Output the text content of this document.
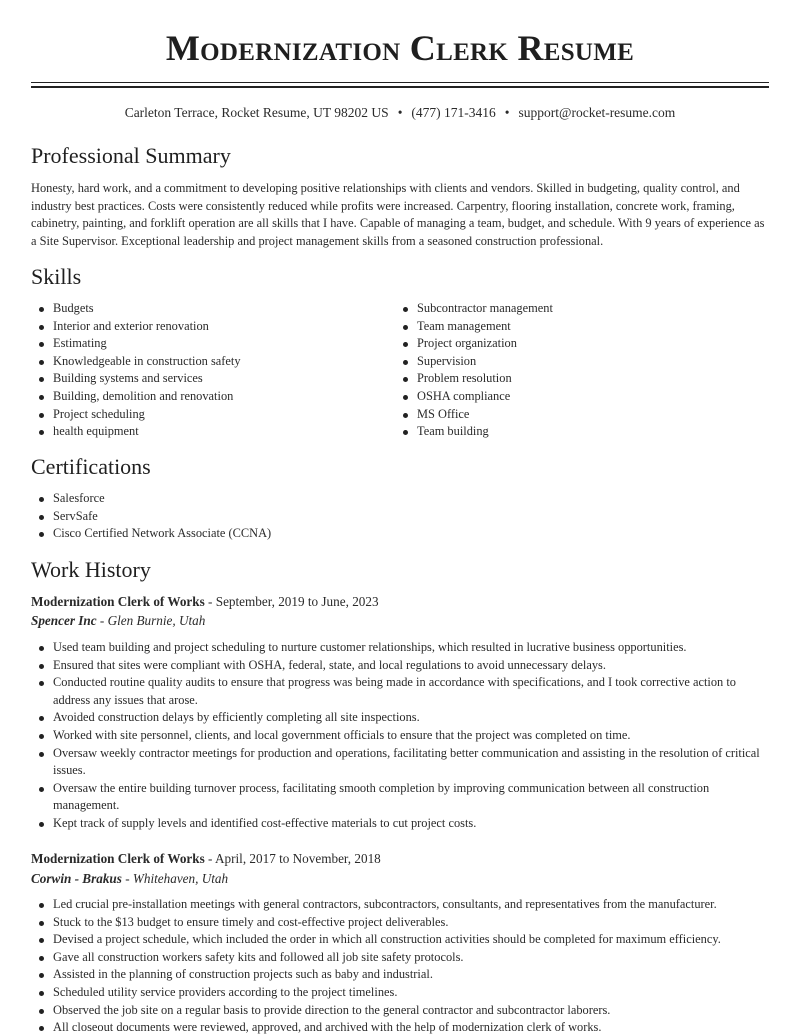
Modernization Clerk Resume
Carleton Terrace, Rocket Resume, UT 98202 US • (477) 171-3416 • support@rocket-resume.com
Professional Summary

Honesty, hard work, and a commitment to developing positive relationships with clients and vendors. Skilled in budgeting, quality control, and industry best practices. Costs were consistently reduced while profits were increased. Carpentry, flooring installation, concrete work, framing, cabinetry, painting, and forklift operation are all skills that I have. Capable of managing a team, budget, and schedule. With 9 years of experience as a Site Supervisor. Exceptional leadership and project management skills from a seasoned construction professional.

Skills
Budgets
Interior and exterior renovation
Estimating
Knowledgeable in construction safety
Building systems and services
Building, demolition and renovation
Project scheduling
health equipment
Subcontractor management
Team management
Project organization
Supervision
Problem resolution
OSHA compliance
MS Office
Team building
Certifications
Salesforce
ServSafe
Cisco Certified Network Associate (CCNA)
Work History
Modernization Clerk of Works - September, 2019 to June, 2023
Spencer Inc - Glen Burnie, Utah
Used team building and project scheduling to nurture customer relationships, which resulted in lucrative business opportunities.
Ensured that sites were compliant with OSHA, federal, state, and local regulations to avoid unnecessary delays.
Conducted routine quality audits to ensure that progress was being made in accordance with specifications, and I took corrective action to address any issues that arose.
Avoided construction delays by efficiently completing all site inspections.
Worked with site personnel, clients, and local government officials to ensure that the project was completed on time.
Oversaw weekly contractor meetings for production and operations, facilitating better communication and assisting in the resolution of critical issues.
Oversaw the entire building turnover process, facilitating smooth completion by improving communication between all construction management.
Kept track of supply levels and identified cost-effective materials to cut project costs.
Modernization Clerk of Works - April, 2017 to November, 2018
Corwin - Brakus - Whitehaven, Utah
Led crucial pre-installation meetings with general contractors, subcontractors, consultants, and representatives from the manufacturer.
Stuck to the $13 budget to ensure timely and cost-effective project deliverables.
Devised a project schedule, which included the order in which all construction activities should be completed for maximum efficiency.
Gave all construction workers safety kits and followed all job site safety protocols.
Assisted in the planning of construction projects such as baby and industrial.
Scheduled utility service providers according to the project timelines.
Observed the job site on a regular basis to provide direction to the general contractor and subcontractor laborers.
All closeout documents were reviewed, approved, and archived with the help of modernization clerk of works.
